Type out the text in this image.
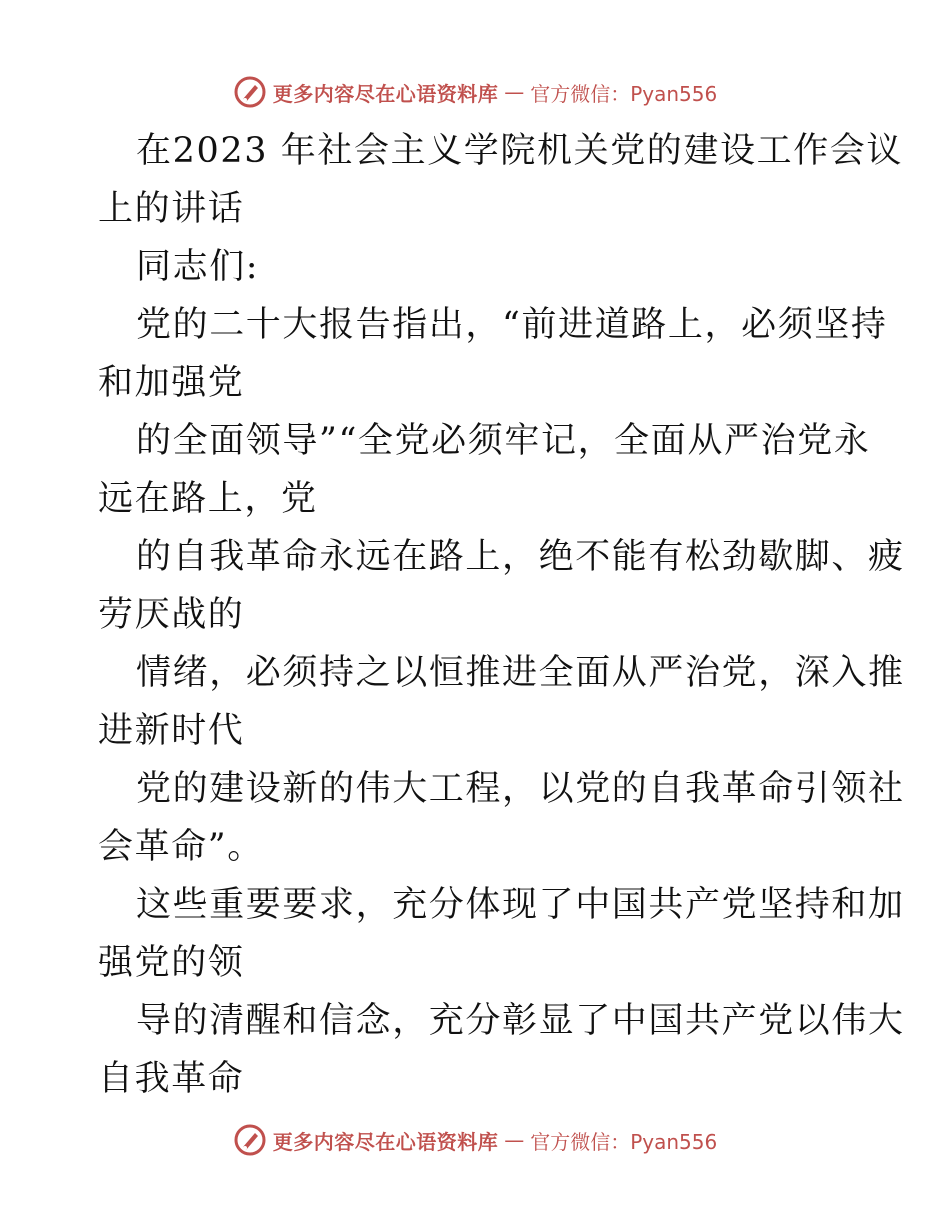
更多内容尽在心语资料库 — 官方微信：Pyan556
在2023 年社会主义学院机关党的建设工作会议
上的讲话
同志们:
党的二十大报告指出，“前进道路上，必须坚持
和加强党
的全面领导”“全党必须牢记，全面从严治党永
远在路上，党
的自我革命永远在路上，绝不能有松劲歇脚、疲
劳厌战的
情绪，必须持之以恒推进全面从严治党，深入推
进新时代
党的建设新的伟大工程，以党的自我革命引领社
会革命”。
这些重要要求，充分体现了中国共产党坚持和加
强党的领
导的清醒和信念，充分彰显了中国共产党以伟大
自我革命
更多内容尽在心语资料库 — 官方微信：Pyan556
